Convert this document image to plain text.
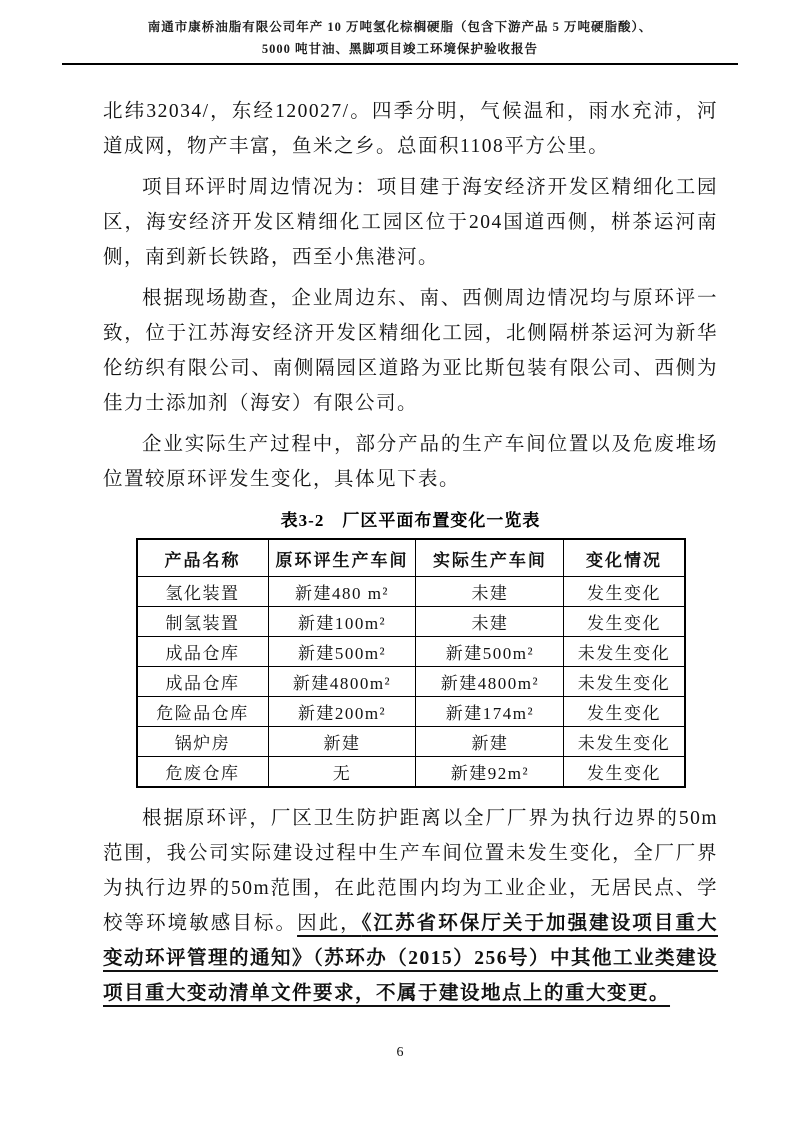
南通市康桥油脂有限公司年产 10 万吨氢化棕榈硬脂（包含下游产品 5 万吨硬脂酸）、
5000 吨甘油、黑脚项目竣工环境保护验收报告

北纬32034/，东经120027/。四季分明，气候温和，雨水充沛，河道成网，物产丰富，鱼米之乡。总面积1108平方公里。

项目环评时周边情况为：项目建于海安经济开发区精细化工园区，海安经济开发区精细化工园区位于204国道西侧，栟茶运河南侧，南到新长铁路，西至小焦港河。

根据现场勘查，企业周边东、南、西侧周边情况均与原环评一致，位于江苏海安经济开发区精细化工园，北侧隔栟茶运河为新华伦纺织有限公司、南侧隔园区道路为亚比斯包装有限公司、西侧为佳力士添加剂（海安）有限公司。

企业实际生产过程中，部分产品的生产车间位置以及危废堆场位置较原环评发生变化，具体见下表。

表3-2　厂区平面布置变化一览表
产品名称	原环评生产车间	实际生产车间	变化情况
氢化装置	新建480 m²	未建	发生变化
制氢装置	新建100m²	未建	发生变化
成品仓库	新建500m²	新建500m²	未发生变化
成品仓库	新建4800m²	新建4800m²	未发生变化
危险品仓库	新建200m²	新建174m²	发生变化
锅炉房	新建	新建	未发生变化
危废仓库	无	新建92m²	发生变化

根据原环评，厂区卫生防护距离以全厂厂界为执行边界的50m范围，我公司实际建设过程中生产车间位置未发生变化，全厂厂界为执行边界的50m范围，在此范围内均为工业企业，无居民点、学校等环境敏感目标。因此，《江苏省环保厅关于加强建设项目重大变动环评管理的通知》（苏环办（2015）256号）中其他工业类建设项目重大变动清单文件要求，不属于建设地点上的重大变更。

6
